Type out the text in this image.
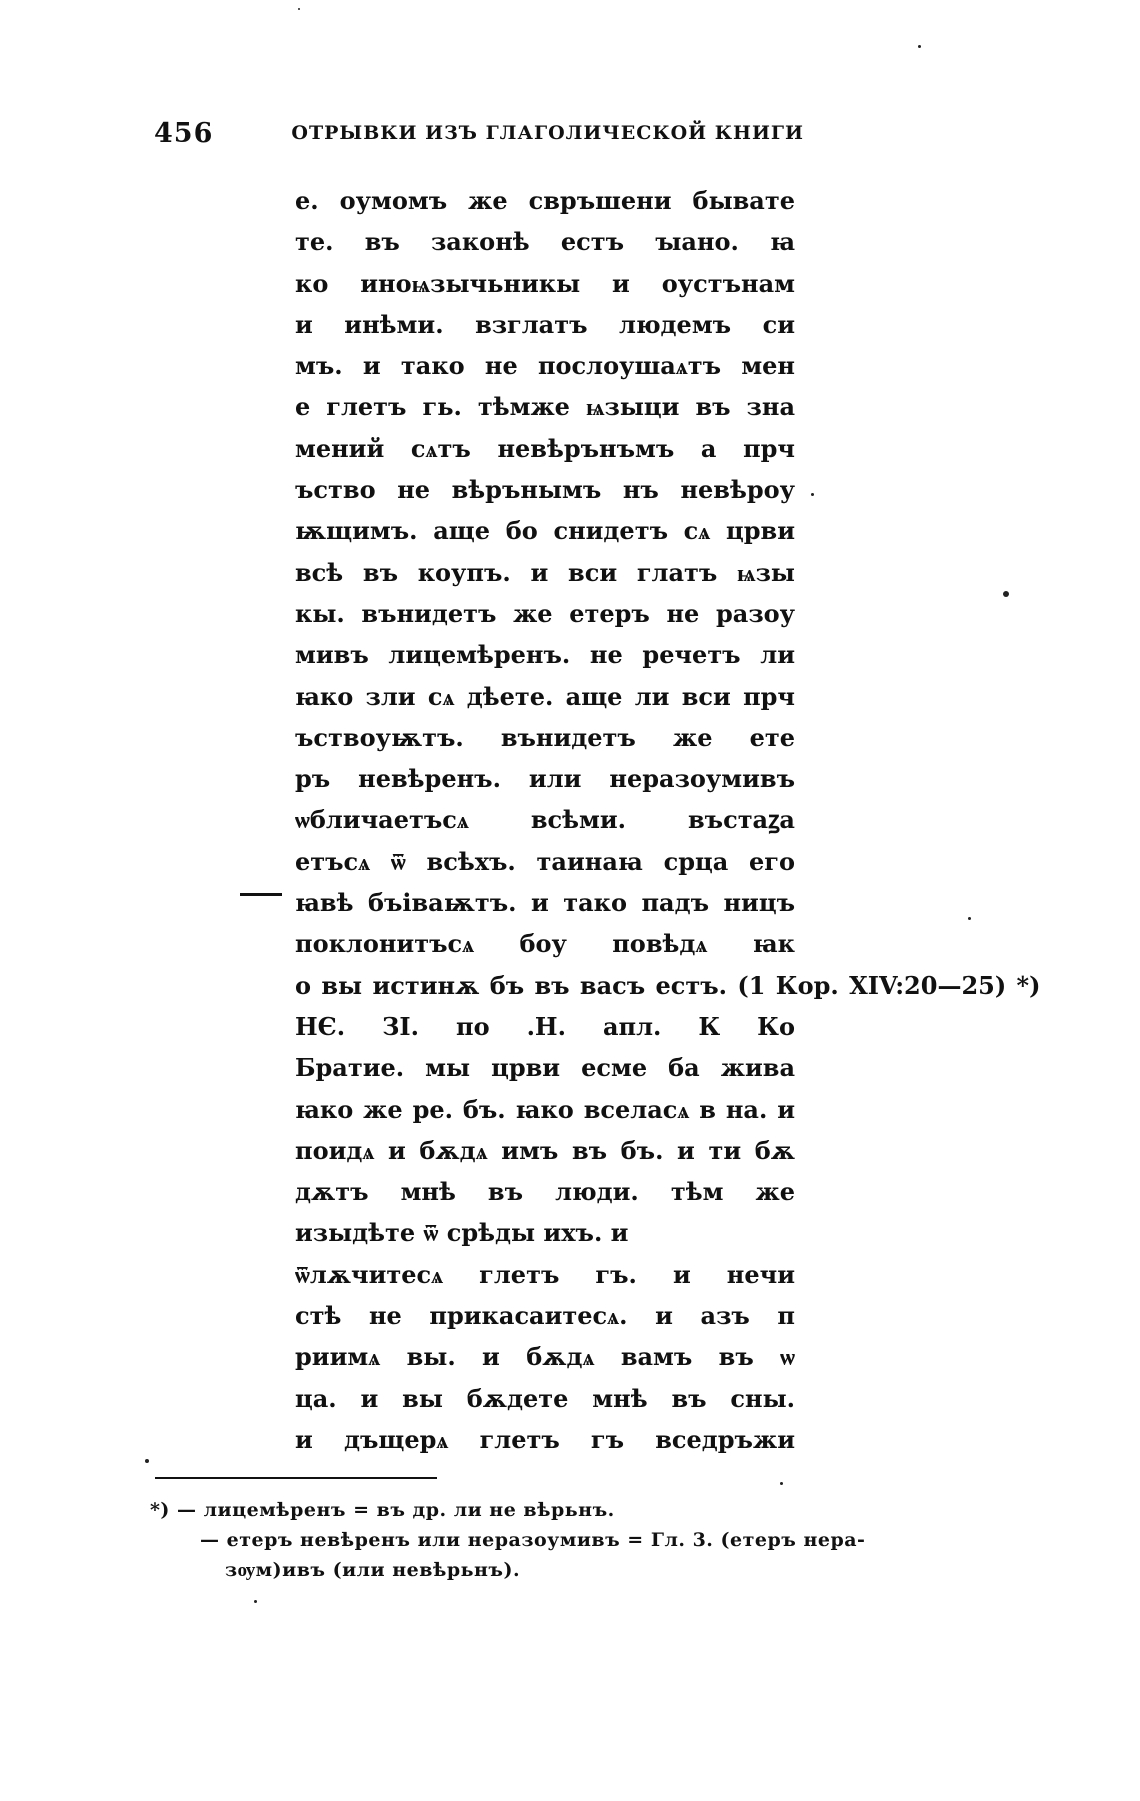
456	ОТРЫВКИ ИЗЪ ГЛАГОЛИЧЕСКОЙ КНИГИ
е. оумомъ же свръшени бывате
те. въ законѣ естъ ꙑано. ꙗ
ко инoѩзычьникы и оустънам
и инѣми. взглатъ людемъ си
мъ. и тако не послоушаѧтъ мен
е глетъ гь. тѣмже ѩзыци въ зна
мений сѧтъ невѣрънъмъ а прч
ъство не вѣрънымъ нъ невѣроу
ѭщимъ. аще бо снидетъ сѧ црви
всѣ въ коупъ. и вси глатъ ѩзы
кы. вънидетъ же етеръ не разоу
мивъ лицемѣренъ. не речетъ ли
ꙗко зли сѧ дѣете. аще ли вси прч
ъствоуѭтъ. вънидетъ же ете
ръ невѣренъ. или неразоумивъ
ѡбличаетъсѧ всѣми. въстаꙁа
етъсѧ ѿ всѣхъ. таинаꙗ срца его
ꙗвѣ бъіваѭтъ. и тако падъ ницъ
поклонитъсѧ боу повѣдѧ ꙗк
о вы истинѫ бъ въ васъ естъ. (1 Кор. XIV:20—25) *)
НЄ. ЗІ. по .Н. апл. К Ко
Братие. мы црви есме ба жива
ꙗко же ре. бъ. ꙗко вселасѧ в на. и
поидѧ и бѫдѧ имъ въ бъ. и ти бѫ
дѫтъ мнѣ въ люди. тѣм же
изыдѣте ѿ срѣды ихъ. и
ѿлѫчитесѧ глетъ гъ. и нечи
стѣ не прикасаитесѧ. и азъ п
риимѧ вы. и бѫдѧ вамъ въ ѡ
ца. и вы бѫдете мнѣ въ сны.
и дъщерѧ глетъ гъ вседръжи
*) — лицемѣренъ = въ др. ли не вѣрьнъ.
— етеръ невѣренъ или неразоумивъ = Гл. 3. (етеръ нера-
зѹм)ивъ (или невѣрьнъ).
